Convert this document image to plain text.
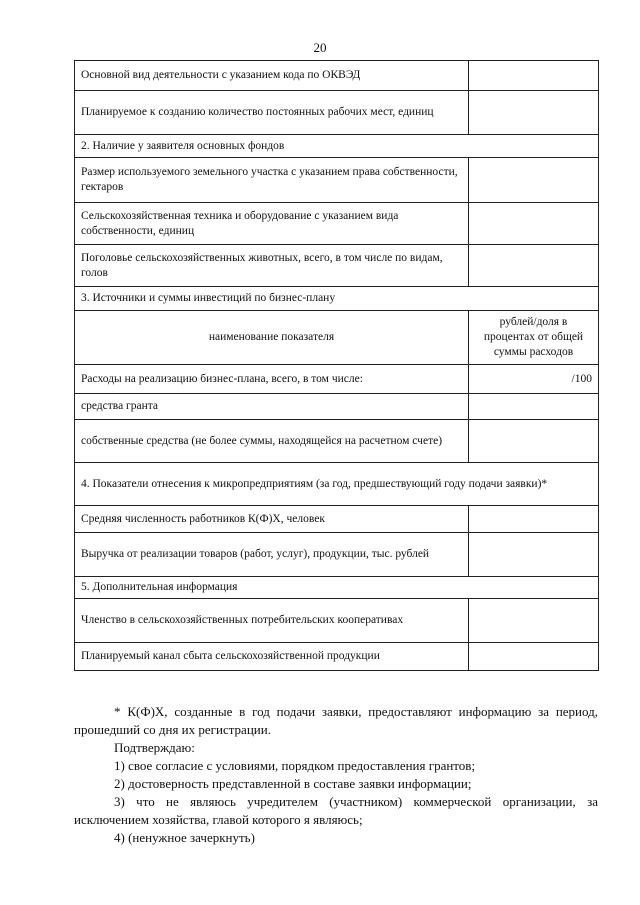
20
Основной вид деятельности с указанием кода по ОКВЭД	
Планируемое к созданию количество постоянных рабочих мест, единиц	
2. Наличие у заявителя основных фондов	
Размер используемого земельного участка с указанием права собственности, гектаров	
Сельскохозяйственная техника и оборудование с указанием вида собственности, единиц	
Поголовье сельскохозяйственных животных, всего, в том числе по видам, голов	
3. Источники и суммы инвестиций по бизнес-плану	
наименование показателя	рублей/доля в процентах от общей суммы расходов
Расходы на реализацию бизнес-плана, всего, в том числе:	/100
средства гранта	
собственные средства (не более суммы, находящейся на расчетном счете)	
4. Показатели отнесения к микропредприятиям (за год, предшествующий году подачи заявки)*	
Средняя численность работников К(Ф)Х, человек	
Выручка от реализации товаров (работ, услуг), продукции, тыс. рублей	
5. Дополнительная информация	
Членство в сельскохозяйственных потребительских кооперативах	
Планируемый канал сбыта сельскохозяйственной продукции	

* К(Ф)Х, созданные в год подачи заявки, предоставляют информацию за период, прошедший со дня их регистрации.

Подтверждаю:

1) свое согласие с условиями, порядком предоставления грантов;

2) достоверность представленной в составе заявки информации;

3) что не являюсь учредителем (участником) коммерческой организации, за исключением хозяйства, главой которого я являюсь;

4) (ненужное зачеркнуть)
